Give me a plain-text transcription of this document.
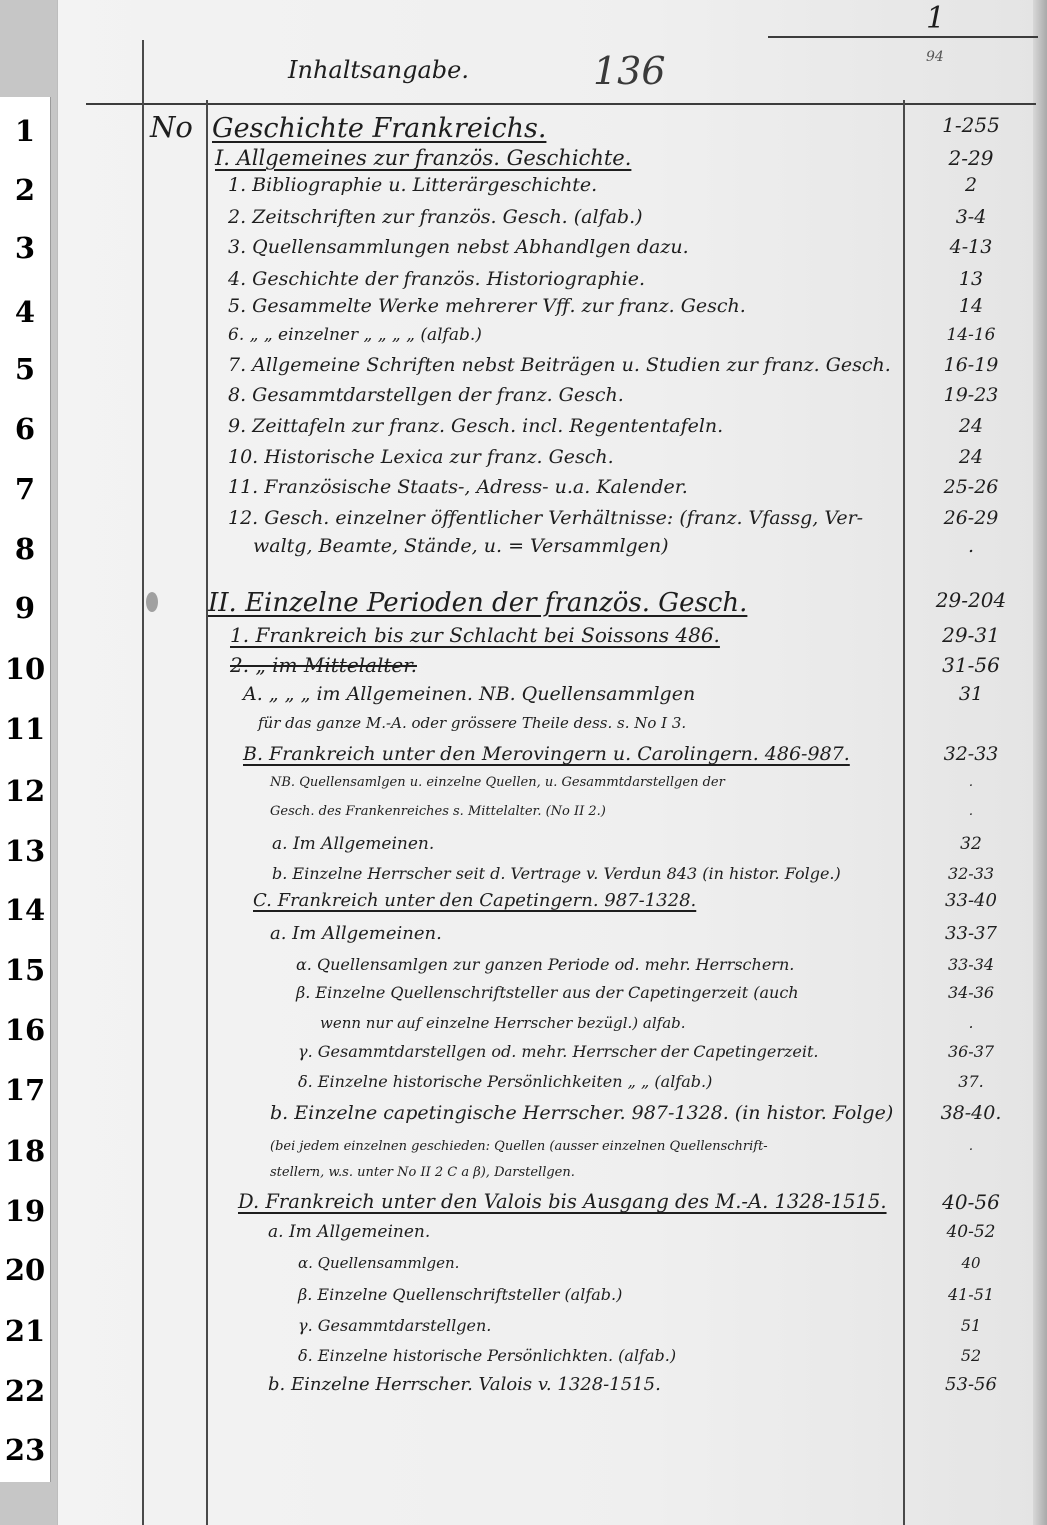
1
2
3
4
5
6
7
8
9
10
11
12
13
14
15
16
17
18
19
20
21
22
23
Inhaltsangabe.	136
1
94
No Geschichte Frankreichs.	1-255
I. Allgemeines zur französ. Geschichte.	2-29
1. Bibliographie u. Litterärgeschichte.	2
2. Zeitschriften zur französ. Gesch. (alfab.)	3-4
3. Quellensammlungen nebst Abhandlgen dazu.	4-13
4. Geschichte der französ. Historiographie.	13
5. Gesammelte Werke mehrerer Vff. zur franz. Gesch.	14
6. „ „ einzelner „ „ „ „ (alfab.)	14-16
7. Allgemeine Schriften nebst Beiträgen u. Studien zur franz. Gesch.	16-19
8. Gesammtdarstellgen der franz. Gesch.	19-23
9. Zeittafeln zur franz. Gesch. incl. Regententafeln.	24
10. Historische Lexica zur franz. Gesch.	24
11. Französische Staats-, Adress- u.a. Kalender.	25-26
12. Gesch. einzelner öffentlicher Verhältnisse: (franz. Vfassg, Ver-	26-29
waltg, Beamte, Stände, u. = Versammlgen)	.
II. Einzelne Perioden der französ. Gesch.	29-204
1. Frankreich bis zur Schlacht bei Soissons 486.	29-31
2. „ im Mittelalter.	31-56
A. „ „ „ im Allgemeinen. NB. Quellensammlgen	31
für das ganze M.-A. oder grössere Theile dess. s. No I 3.
B. Frankreich unter den Merovingern u. Carolingern. 486-987.	32-33
NB. Quellensamlgen u. einzelne Quellen, u. Gesammtdarstellgen der	.
Gesch. des Frankenreiches s. Mittelalter. (No II 2.)	.
a. Im Allgemeinen.	32
b. Einzelne Herrscher seit d. Vertrage v. Verdun 843 (in histor. Folge.)	32-33
C. Frankreich unter den Capetingern. 987-1328.	33-40
a. Im Allgemeinen.	33-37
α. Quellensamlgen zur ganzen Periode od. mehr. Herrschern.	33-34
β. Einzelne Quellenschriftsteller aus der Capetingerzeit (auch	34-36
wenn nur auf einzelne Herrscher bezügl.) alfab.	.
γ. Gesammtdarstellgen od. mehr. Herrscher der Capetingerzeit.	36-37
δ. Einzelne historische Persönlichkeiten „ „ (alfab.)	37.
b. Einzelne capetingische Herrscher. 987-1328. (in histor. Folge)	38-40.
(bei jedem einzelnen geschieden: Quellen (ausser einzelnen Quellenschrift-	.
stellern, w.s. unter No II 2 C a β), Darstellgen.
D. Frankreich unter den Valois bis Ausgang des M.-A. 1328-1515.	40-56
a. Im Allgemeinen.	40-52
α. Quellensammlgen.	40
β. Einzelne Quellenschriftsteller (alfab.)	41-51
γ. Gesammtdarstellgen.	51
δ. Einzelne historische Persönlichkten. (alfab.)	52
b. Einzelne Herrscher. Valois v. 1328-1515.	53-56
